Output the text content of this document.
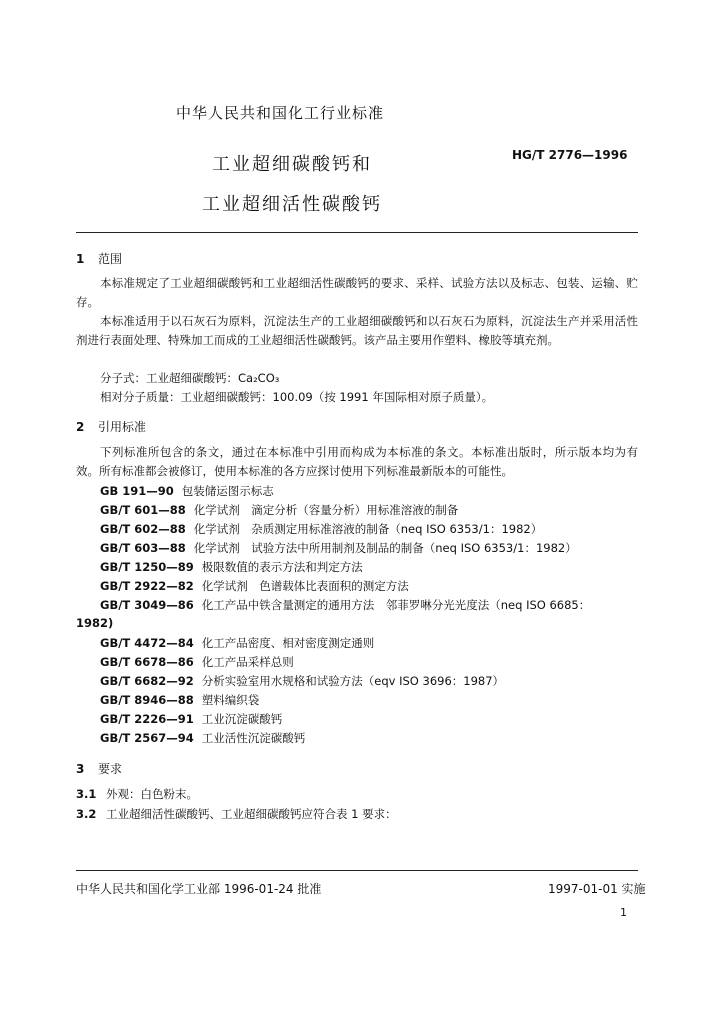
中华人民共和国化工行业标准
工业超细碳酸钙和
工业超细活性碳酸钙
HG/T 2776—1996
1 范围
本标准规定了工业超细碳酸钙和工业超细活性碳酸钙的要求、采样、试验方法以及标志、包装、运输、贮存。
本标准适用于以石灰石为原料，沉淀法生产的工业超细碳酸钙和以石灰石为原料，沉淀法生产并采用活性剂进行表面处理、特殊加工而成的工业超细活性碳酸钙。该产品主要用作塑料、橡胶等填充剂。
分子式：工业超细碳酸钙：Ca₂CO₃
相对分子质量：工业超细碳酸钙：100.09（按 1991 年国际相对原子质量）。
2 引用标准
下列标准所包含的条文，通过在本标准中引用而构成为本标准的条文。本标准出版时，所示版本均为有效。所有标准都会被修订，使用本标准的各方应探讨使用下列标准最新版本的可能性。
GB 191—90 包装储运图示标志
GB/T 601—88 化学试剂　滴定分析（容量分析）用标准溶液的制备
GB/T 602—88 化学试剂　杂质测定用标准溶液的制备（neq ISO 6353/1：1982）
GB/T 603—88 化学试剂　试验方法中所用制剂及制品的制备（neq ISO 6353/1：1982）
GB/T 1250—89 极限数值的表示方法和判定方法
GB/T 2922—82 化学试剂　色谱载体比表面积的测定方法
GB/T 3049—86 化工产品中铁含量测定的通用方法　邻菲罗啉分光光度法（neq ISO 6685：
1982)
GB/T 4472—84 化工产品密度、相对密度测定通则
GB/T 6678—86 化工产品采样总则
GB/T 6682—92 分析实验室用水规格和试验方法（eqv ISO 3696：1987）
GB/T 8946—88 塑料编织袋
GB/T 2226—91 工业沉淀碳酸钙
GB/T 2567—94 工业活性沉淀碳酸钙
3 要求
3.1 外观：白色粉末。
3.2 工业超细活性碳酸钙、工业超细碳酸钙应符合表 1 要求：
中华人民共和国化学工业部 1996-01-24 批准	1997-01-01 实施
1
